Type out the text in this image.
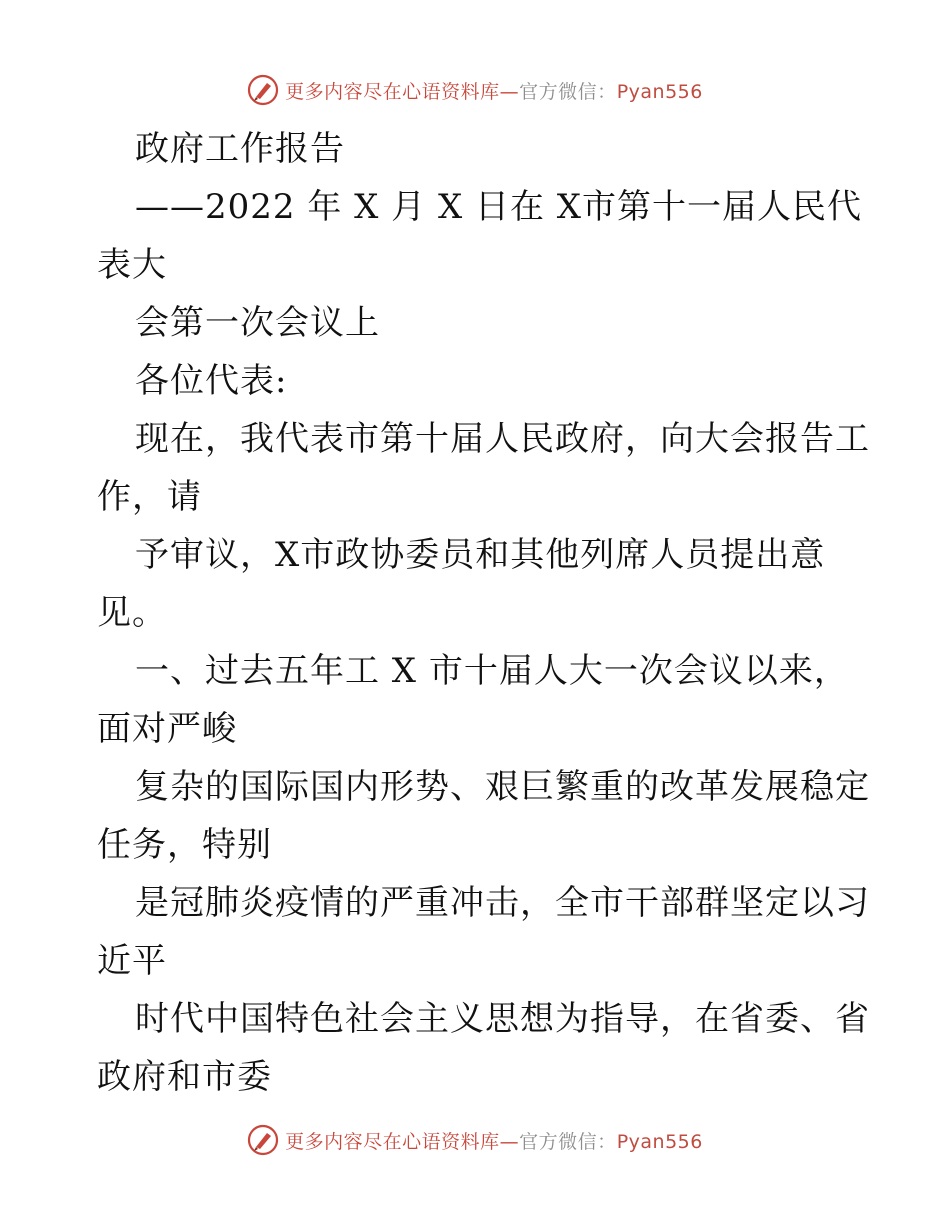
更多内容尽在心语资料库—官方微信：Pyan556
政府工作报告
——2022 年 X 月 X 日在 X市第十一届人民代
表大
会第一次会议上
各位代表:
现在，我代表市第十届人民政府，向大会报告工
作，请
予审议，X市政协委员和其他列席人员提出意
见。
一、过去五年工 X 市十届人大一次会议以来，
面对严峻
复杂的国际国内形势、艰巨繁重的改革发展稳定
任务，特别
是冠肺炎疫情的严重冲击，全市干部群坚定以习
近平
时代中国特色社会主义思想为指导，在省委、省
政府和市委
更多内容尽在心语资料库—官方微信：Pyan556
